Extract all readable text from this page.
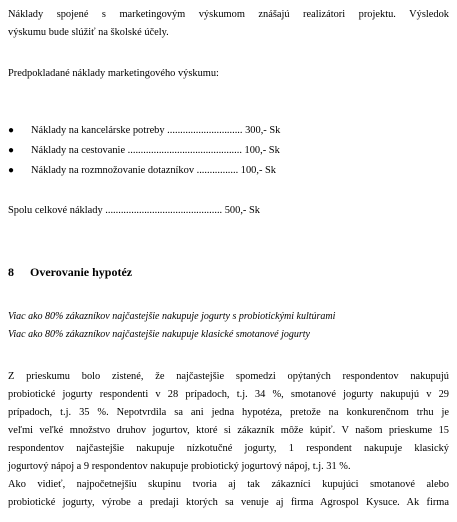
Náklady spojené s marketingovým výskumom znášajú realizátori projektu. Výsledok
výskumu bude slúžiť na školské účely.
Predpokladané náklady marketingového výskumu:
● Náklady na kancelárske potreby ............................. 300,- Sk
● Náklady na cestovanie ............................................ 100,- Sk
● Náklady na rozmnožovanie dotazníkov ................ 100,- Sk
Spolu celkové náklady ............................................. 500,- Sk
8 Overovanie hypotéz
Viac ako 80% zákazníkov najčastejšie nakupuje jogurty s probiotickými kultúrami
Viac ako 80% zákazníkov najčastejšie nakupuje klasické smotanové jogurty
Z prieskumu bolo zistené, že najčastejšie spomedzi opýtaných respondentov nakupujú
probiotické jogurty respondenti v 28 prípadoch, t.j. 34 %, smotanové jogurty nakupujú v 29
prípadoch, t.j. 35 %. Nepotvrdila sa ani jedna hypotéza, pretože na konkurenčnom trhu je
veľmi veľké množstvo druhov jogurtov, ktoré si zákazník môže kúpiť. V našom prieskume 15
respondentov najčastejšie nakupuje nízkotučné jogurty, 1 respondent nakupuje klasický
jogurtový nápoj a 9 respondentov nakupuje probiotický jogurtový nápoj, t.j. 31 %.
Ako vidieť, najpočetnejšiu skupinu tvoria aj tak zákazníci kupujúci smotanové alebo
probiotické jogurty, výrobe a predaji ktorých sa venuje aj firma Agrospol Kysuce. Ak firma
